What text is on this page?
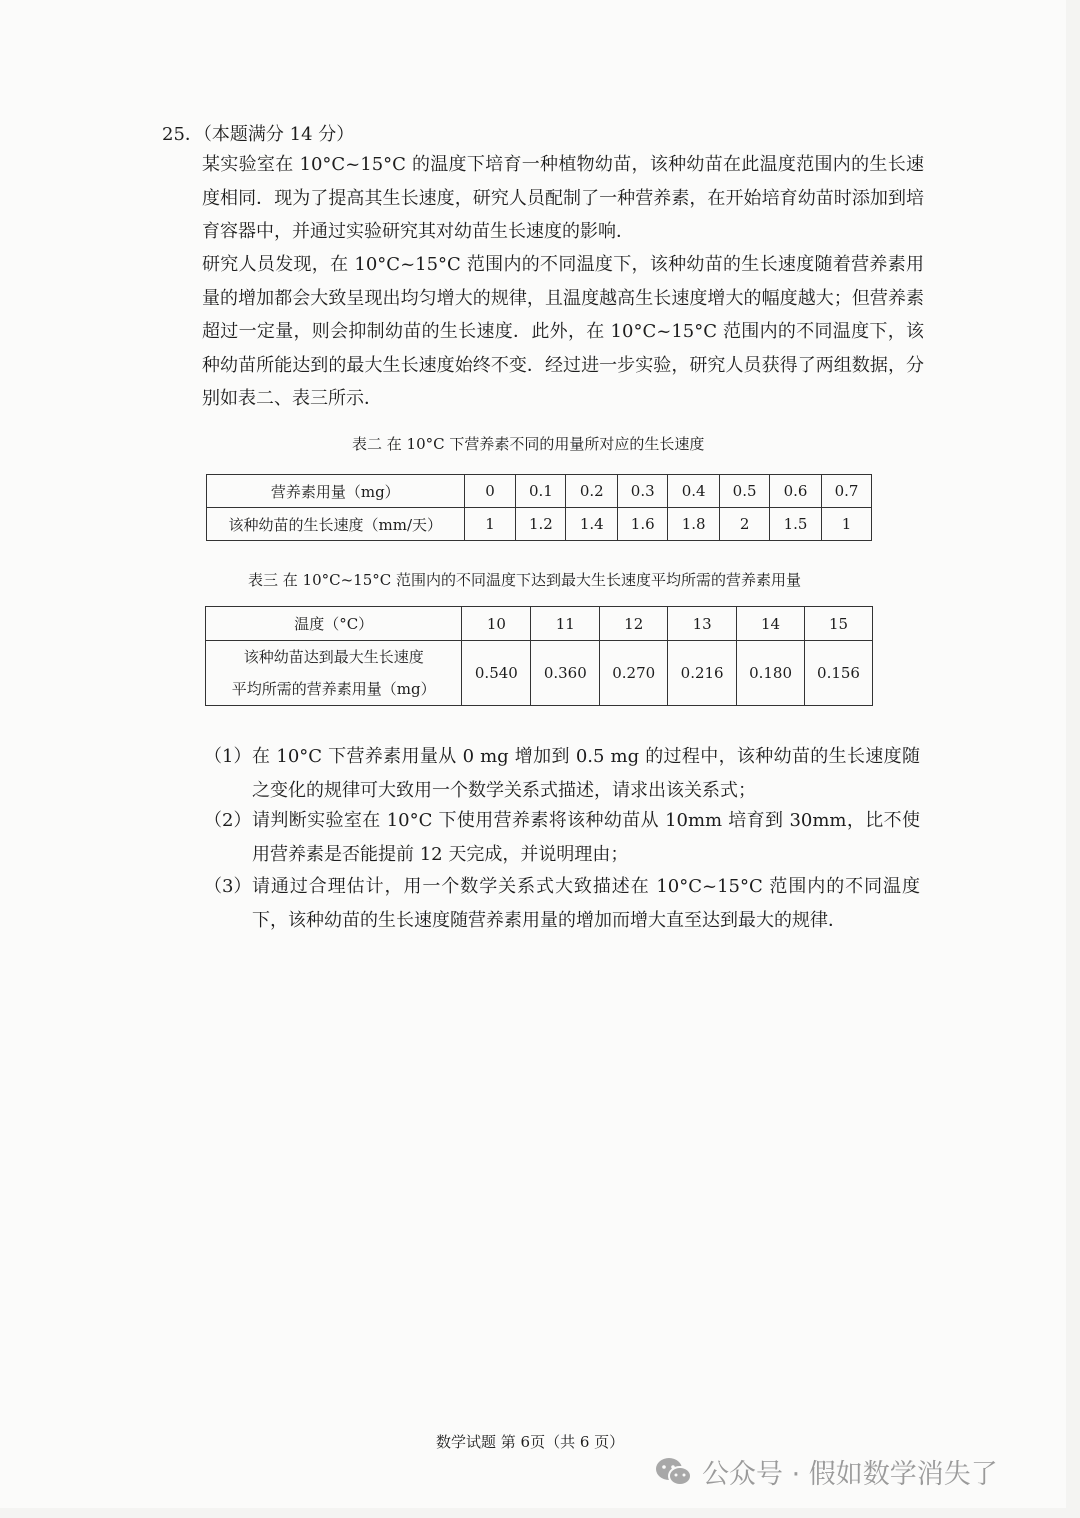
25．（本题满分 14 分）
某实验室在 10°C~15°C 的温度下培育一种植物幼苗，该种幼苗在此温度范围内的生长速度相同．现为了提高其生长速度，研究人员配制了一种营养素，在开始培育幼苗时添加到培育容器中，并通过实验研究其对幼苗生长速度的影响．
研究人员发现，在 10°C~15°C 范围内的不同温度下，该种幼苗的生长速度随着营养素用量的增加都会大致呈现出均匀增大的规律，且温度越高生长速度增大的幅度越大；但营养素超过一定量，则会抑制幼苗的生长速度．此外，在 10°C~15°C 范围内的不同温度下，该种幼苗所能达到的最大生长速度始终不变．经过进一步实验，研究人员获得了两组数据，分别如表二、表三所示．
表二 在 10°C 下营养素不同的用量所对应的生长速度
营养素用量（mg）	0	0.1	0.2	0.3	0.4	0.5	0.6	0.7
该种幼苗的生长速度（mm/天）	1	1.2	1.4	1.6	1.8	2	1.5	1
表三 在 10°C~15°C 范围内的不同温度下达到最大生长速度平均所需的营养素用量
温度（°C）	10	11	12	13	14	15

该种幼苗达到最大生长速度
平均所需的营养素用量（mg）	0.540	0.360	0.270	0.216	0.180	0.156
（1） 在 10°C 下营养素用量从 0 mg 增加到 0.5 mg 的过程中，该种幼苗的生长速度随之变化的规律可大致用一个数学关系式描述，请求出该关系式；
（2） 请判断实验室在 10°C 下使用营养素将该种幼苗从 10mm 培育到 30mm，比不使用营养素是否能提前 12 天完成，并说明理由；
（3） 请通过合理估计，用一个数学关系式大致描述在 10°C~15°C 范围内的不同温度下，该种幼苗的生长速度随营养素用量的增加而增大直至达到最大的规律．
数学试题 第 6页（共 6 页）
公众号 · 假如数学消失了
